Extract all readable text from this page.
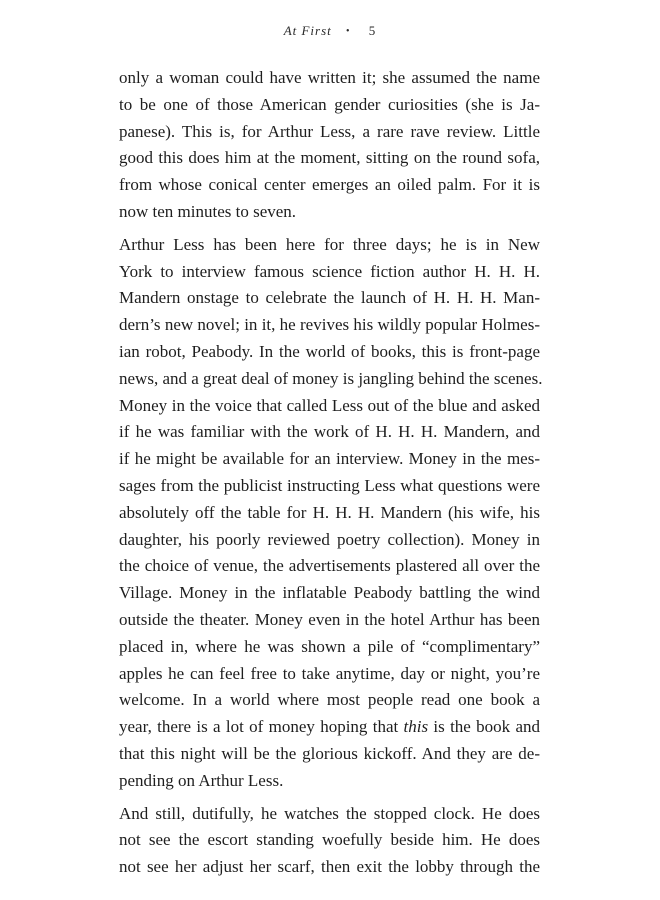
At First • 5

only a woman could have written it; she assumed the name
to be one of those American gender curiosities (she is Ja-
panese). This is, for Arthur Less, a rare rave review. Little
good this does him at the moment, sitting on the round sofa,
from whose conical center emerges an oiled palm. For it is
now ten minutes to seven.

Arthur Less has been here for three days; he is in New
York to interview famous science fiction author H. H. H.
Mandern onstage to celebrate the launch of H. H. H. Man-
dern’s new novel; in it, he revives his wildly popular Holmes-
ian robot, Peabody. In the world of books, this is front-page
news, and a great deal of money is jangling behind the scenes.
Money in the voice that called Less out of the blue and asked
if he was familiar with the work of H. H. H. Mandern, and
if he might be available for an interview. Money in the mes-
sages from the publicist instructing Less what questions were
absolutely off the table for H. H. H. Mandern (his wife, his
daughter, his poorly reviewed poetry collection). Money in
the choice of venue, the advertisements plastered all over the
Village. Money in the inflatable Peabody battling the wind
outside the theater. Money even in the hotel Arthur has been
placed in, where he was shown a pile of “complimentary”
apples he can feel free to take anytime, day or night, you’re
welcome. In a world where most people read one book a
year, there is a lot of money hoping that this is the book and
that this night will be the glorious kickoff. And they are de-
pending on Arthur Less.

And still, dutifully, he watches the stopped clock. He does
not see the escort standing woefully beside him. He does
not see her adjust her scarf, then exit the lobby through the
